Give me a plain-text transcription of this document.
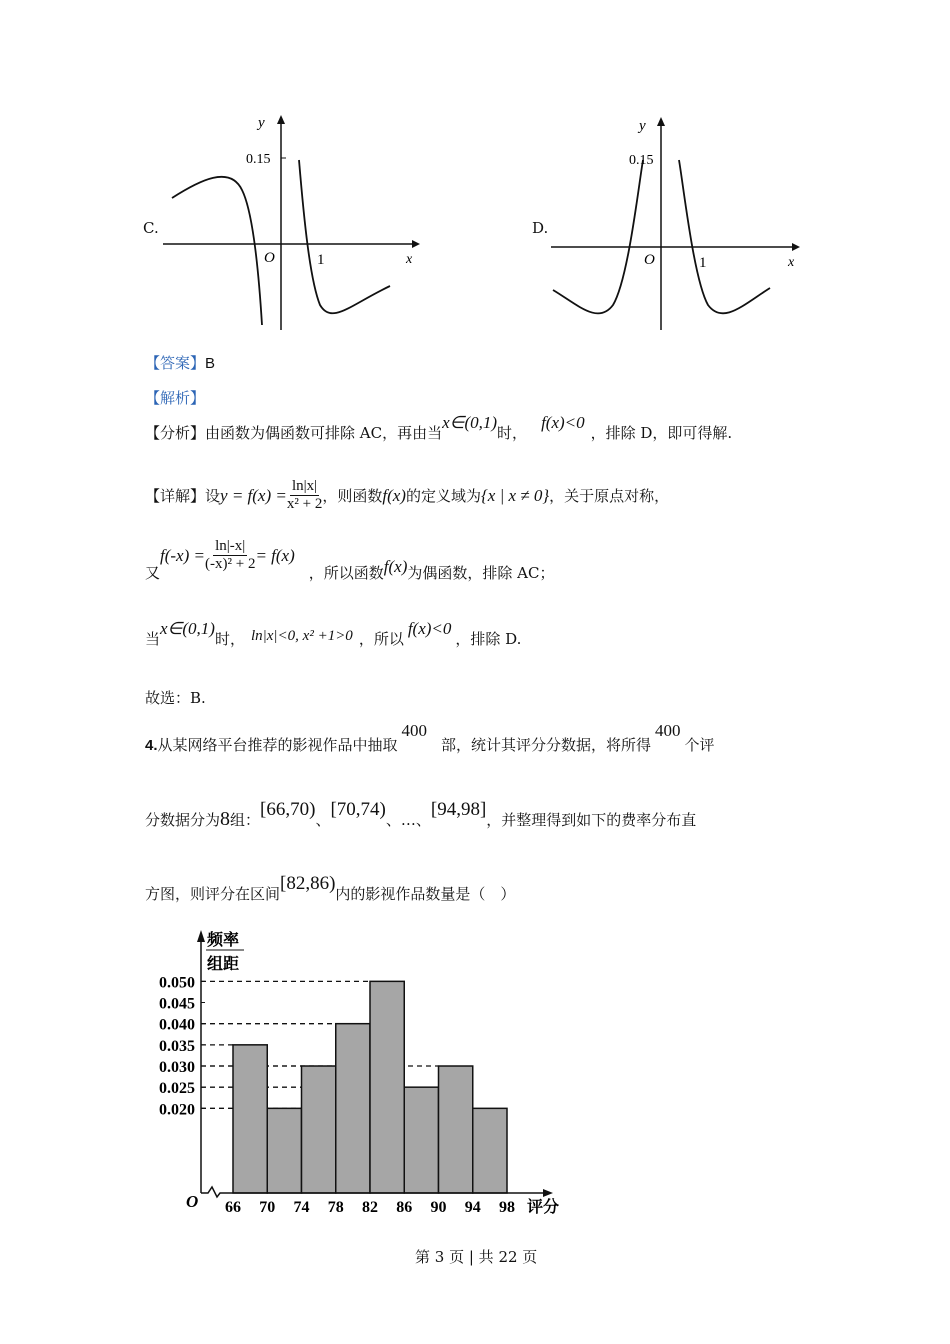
C.
y
x
O	1
0.15
D.
y
x
O	1
0.15
【答案】B
【解析】
【分析】由函数为偶函数可排除 AC，再由当x∈(0,1)时，f(x)<0，排除 D，即可得解.
【详解】 设 $y = f(x) = \frac{\ln|x|}{\text{x² + 2}}$ ，则函数 f(x) 的定义域为 {x | x ≠ 0} ，关于原点对称，
又
$f(-x) = \frac{\ln|-x|}{\text{(-x)² + 2}} = f(x)$
，所以函数 f(x) 为偶函数，排除 AC；
当x∈(0,1)时， ln|x|<0, x² +1>0 ，所以f(x)<0，排除 D.
故选：B.
4.从某网络平台推荐的影视作品中抽取400部，统计其评分分数据，将所得400个评
分数据分为8组：[66,70)、[70,74)、…、[94,98]，并整理得到如下的费率分布直
方图，则评分在区间[82,86)内的影视作品数量是（　）
0.050
0.045
0.040
0.035
0.030
0.025
0.020
66 70 74 78 82 86 90 94 98 评分
O
频率
组距
第 3 页 | 共 22 页
